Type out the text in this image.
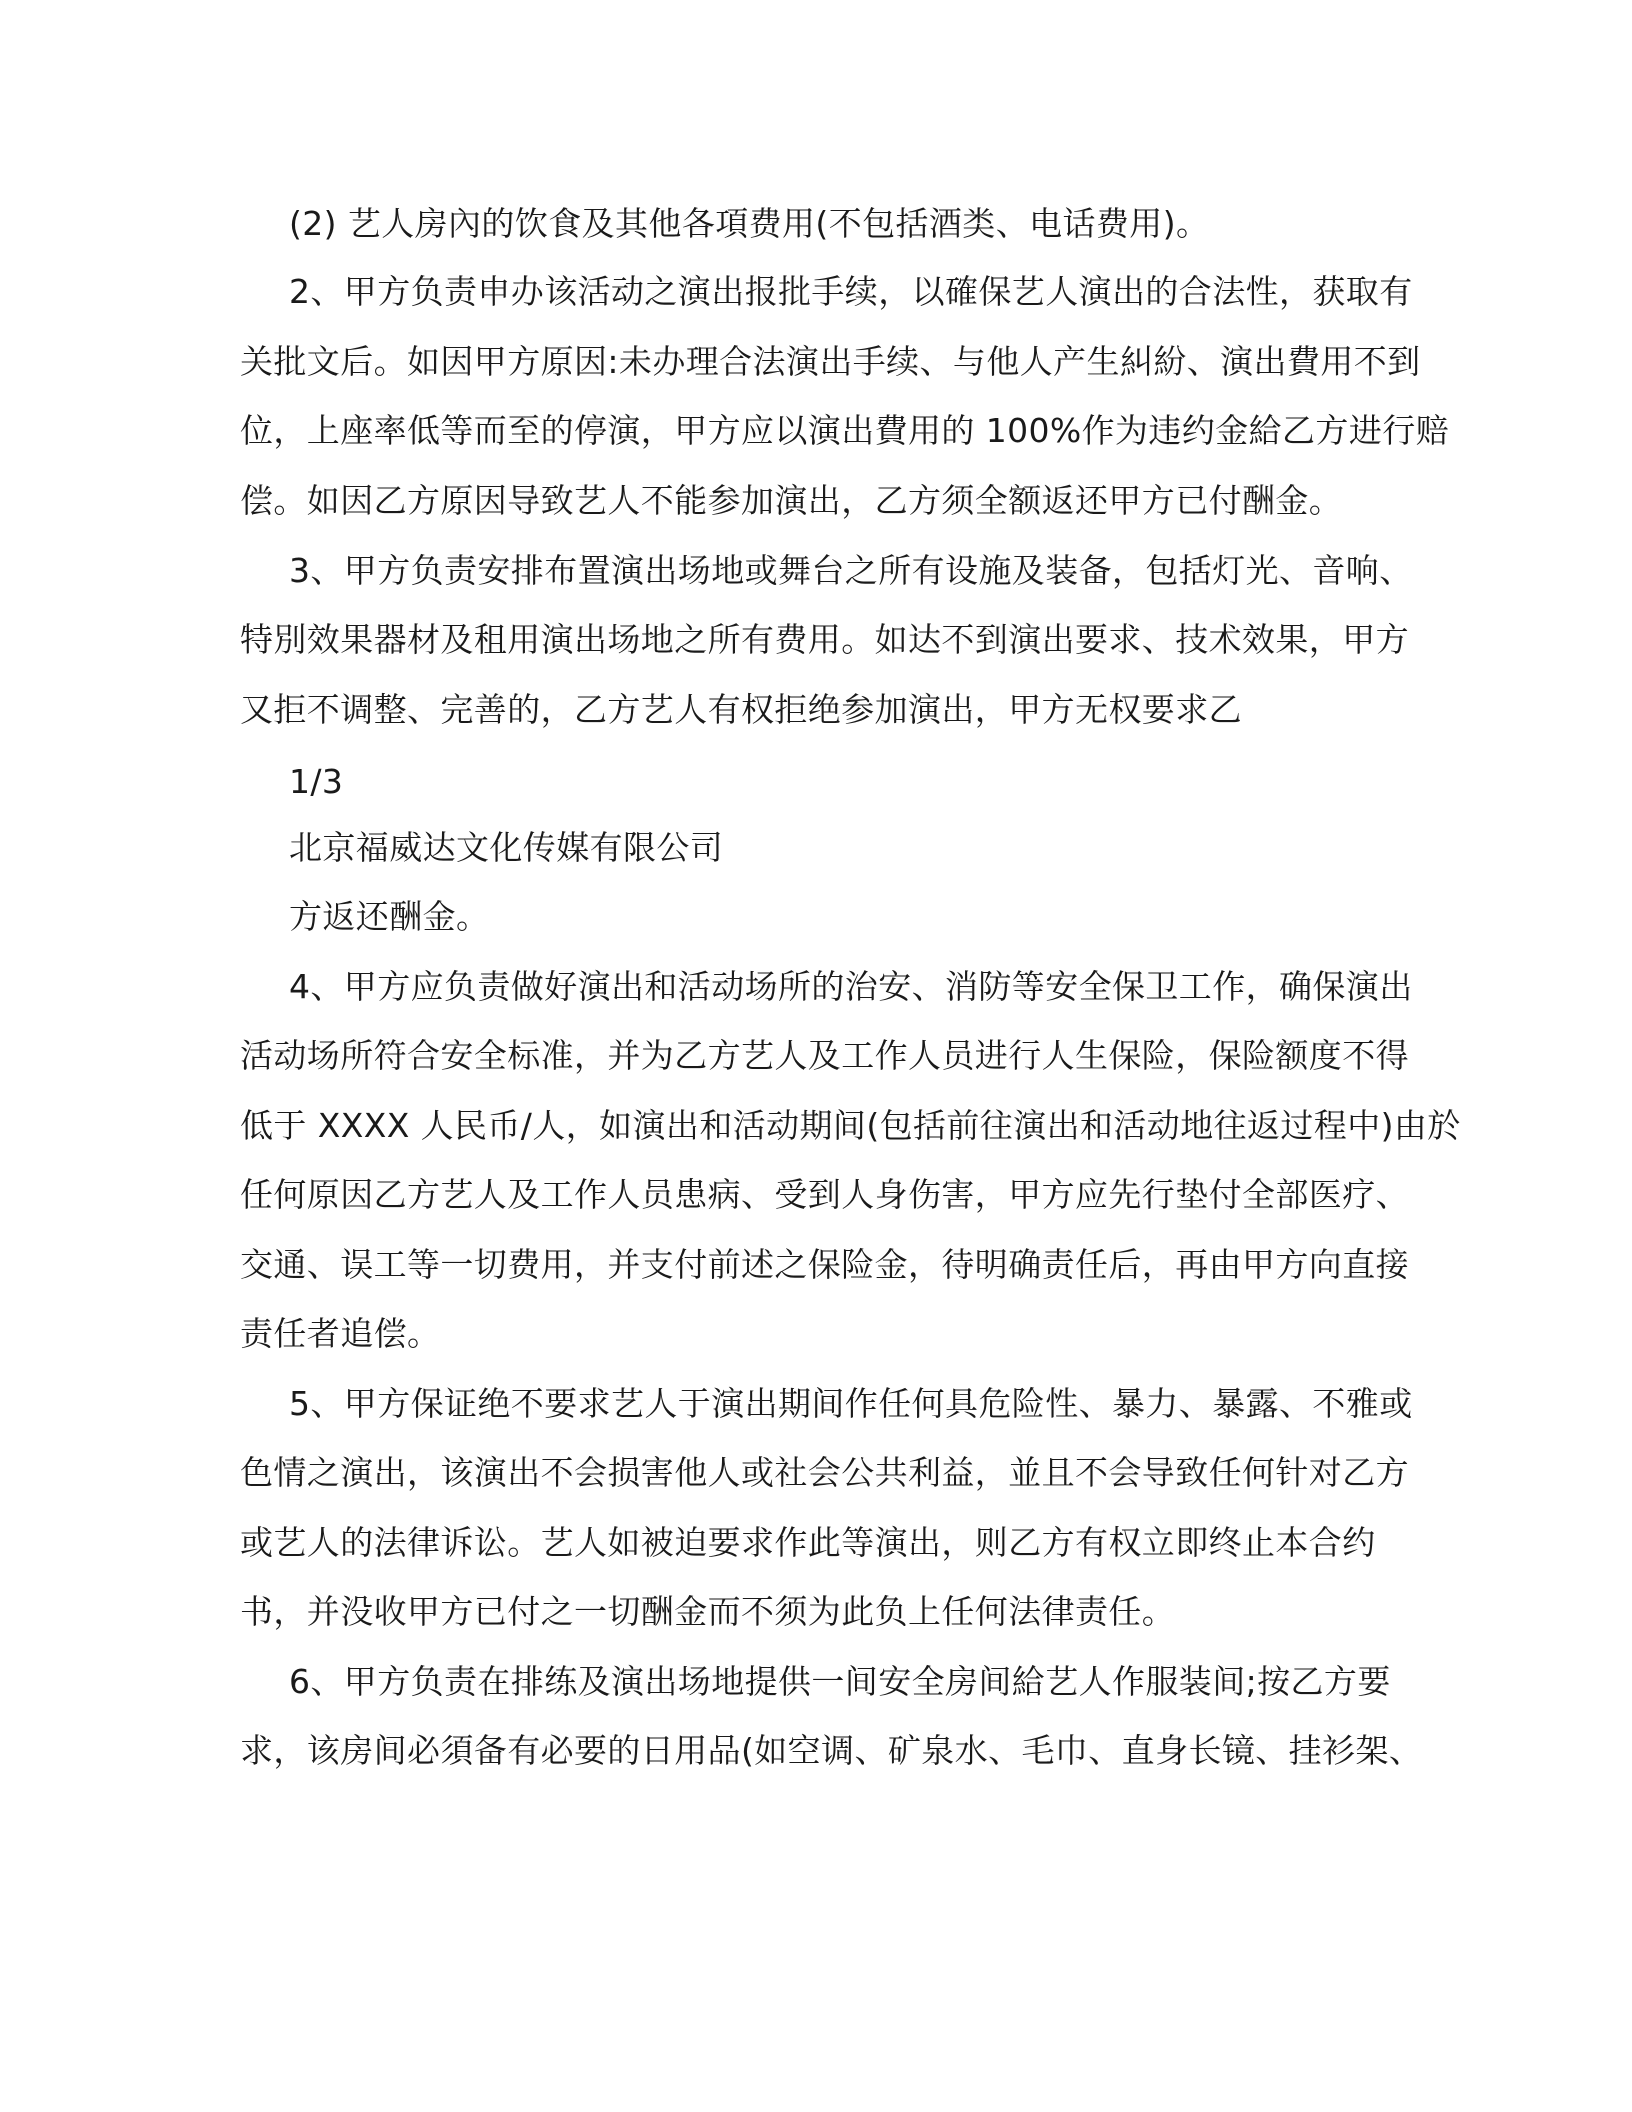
(2) 艺人房內的饮食及其他各項费用(不包括酒类、电话费用)。
2、甲方负责申办该活动之演出报批手续，以確保艺人演出的合法性，获取有
关批文后。如因甲方原因:未办理合法演出手续、与他人产生糾紛、演出費用不到
位，上座率低等而至的停演，甲方应以演出費用的 100%作为违约金給乙方进行赔
偿。如因乙方原因导致艺人不能参加演出，乙方须全额返还甲方已付酬金。
3、甲方负责安排布置演出场地或舞台之所有设施及装备，包括灯光、音响、
特別效果器材及租用演出场地之所有费用。如达不到演出要求、技术效果，甲方
又拒不调整、完善的，乙方艺人有权拒绝参加演出，甲方无权要求乙
1/3
北京福威达文化传媒有限公司
方返还酬金。
4、甲方应负责做好演出和活动场所的治安、消防等安全保卫工作，确保演出
活动场所符合安全标准，并为乙方艺人及工作人员进行人生保险，保险额度不得
低于 XXXX 人民币/人，如演出和活动期间(包括前往演出和活动地往返过程中)由於
任何原因乙方艺人及工作人员患病、受到人身伤害，甲方应先行垫付全部医疗、
交通、误工等一切费用，并支付前述之保险金，待明确责任后，再由甲方向直接
责任者追偿。
5、甲方保证绝不要求艺人于演出期间作任何具危险性、暴力、暴露、不雅或
色情之演出，该演出不会损害他人或社会公共利益，並且不会导致任何针对乙方
或艺人的法律诉讼。艺人如被迫要求作此等演出，则乙方有权立即终止本合约
书，并没收甲方已付之一切酬金而不须为此负上任何法律责任。
6、甲方负责在排练及演出场地提供一间安全房间給艺人作服装间;按乙方要
求，该房间必須备有必要的日用品(如空调、矿泉水、毛巾、直身长镜、挂衫架、
